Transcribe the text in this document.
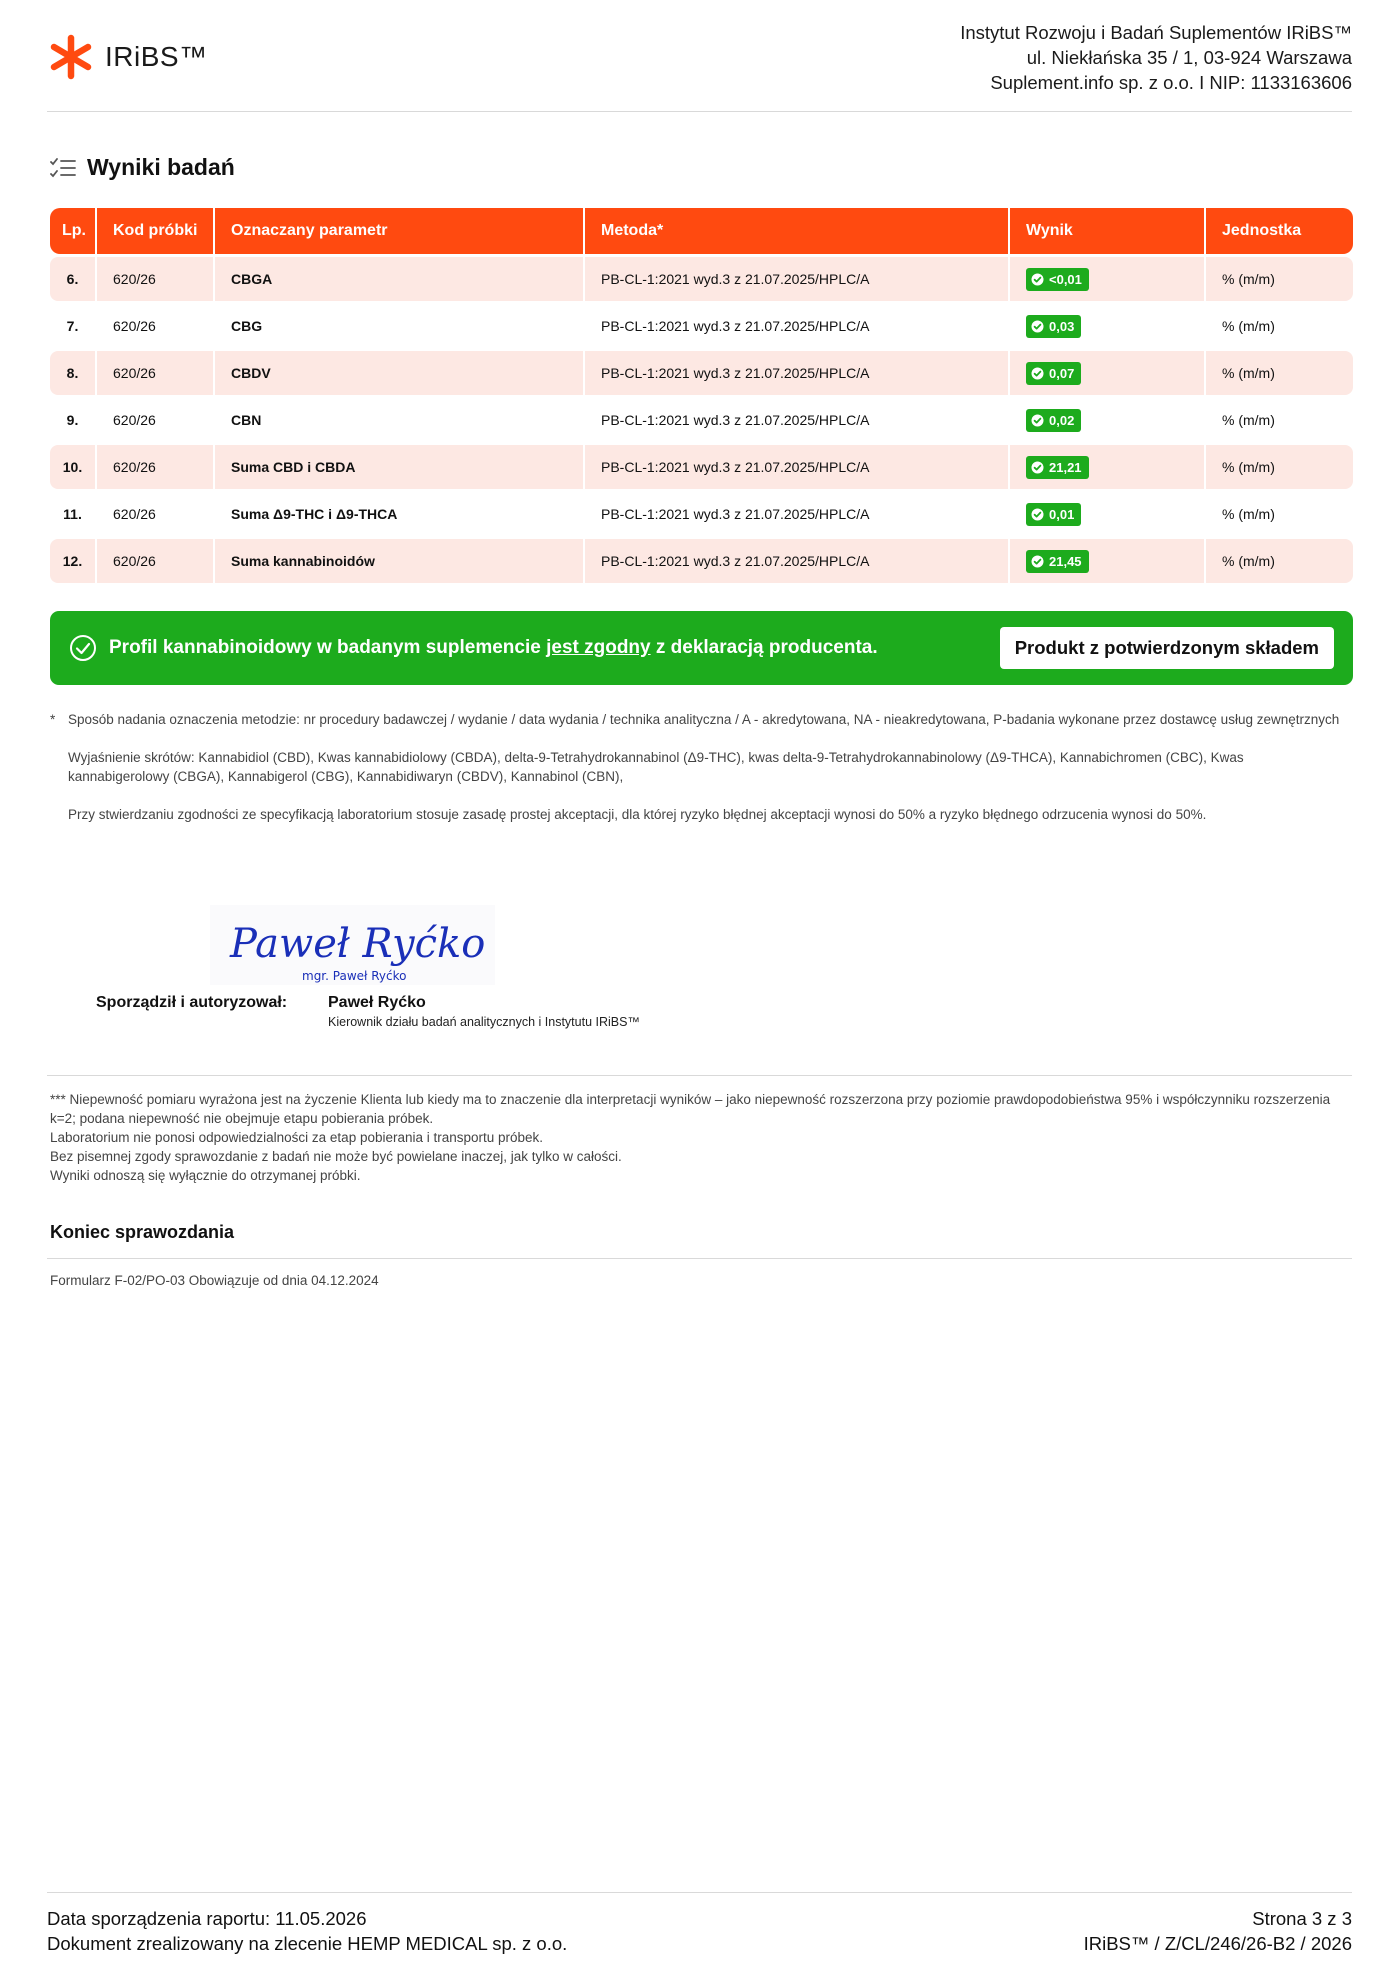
IRiBS™
Instytut Rozwoju i Badań Suplementów IRiBS™
ul. Niekłańska 35 / 1, 03-924 Warszawa
Suplement.info sp. z o.o. I NIP: 1133163606
Wyniki badań
Lp.	Kod próbki	Oznaczany parametr	Metoda*	Wynik	Jednostka
6.	620/26	CBGA	PB-CL-1:2021 wyd.3 z 21.07.2025/HPLC/A	<0,01	% (m/m)
7.	620/26	CBG	PB-CL-1:2021 wyd.3 z 21.07.2025/HPLC/A	0,03	% (m/m)
8.	620/26	CBDV	PB-CL-1:2021 wyd.3 z 21.07.2025/HPLC/A	0,07	% (m/m)
9.	620/26	CBN	PB-CL-1:2021 wyd.3 z 21.07.2025/HPLC/A	0,02	% (m/m)
10.	620/26	Suma CBD i CBDA	PB-CL-1:2021 wyd.3 z 21.07.2025/HPLC/A	21,21	% (m/m)
11.	620/26	Suma Δ9-THC i Δ9-THCA	PB-CL-1:2021 wyd.3 z 21.07.2025/HPLC/A	0,01	% (m/m)
12.	620/26	Suma kannabinoidów	PB-CL-1:2021 wyd.3 z 21.07.2025/HPLC/A	21,45	% (m/m)
Profil kannabinoidowy w badanym suplemencie jest zgodny z deklaracją producenta.	Produkt z potwierdzonym składem
* Sposób nadania oznaczenia metodzie: nr procedury badawczej / wydanie / data wydania / technika analityczna / A - akredytowana, NA - nieakredytowana, P-badania wykonane przez dostawcę usług zewnętrznych

Wyjaśnienie skrótów: Kannabidiol (CBD), Kwas kannabidiolowy (CBDA), delta-9-Tetrahydrokannabinol (Δ9-THC), kwas delta-9-Tetrahydrokannabinolowy (Δ9-THCA), Kannabichromen (CBC), Kwas kannabigerolowy (CBGA), Kannabigerol (CBG), Kannabidiwaryn (CBDV), Kannabinol (CBN),

Przy stwierdzaniu zgodności ze specyfikacją laboratorium stosuje zasadę prostej akceptacji, dla której ryzyko błędnej akceptacji wynosi do 50% a ryzyko błędnego odrzucenia wynosi do 50%.

Paweł Ryćko
mgr. Paweł Ryćko
Sporządził i autoryzował:	Paweł Ryćko
Kierownik działu badań analitycznych i Instytutu IRiBS™
*** Niepewność pomiaru wyrażona jest na życzenie Klienta lub kiedy ma to znaczenie dla interpretacji wyników – jako niepewność rozszerzona przy poziomie prawdopodobieństwa 95% i współczynniku rozszerzenia k=2; podana niepewność nie obejmuje etapu pobierania próbek.
Laboratorium nie ponosi odpowiedzialności za etap pobierania i transportu próbek.
Bez pisemnej zgody sprawozdanie z badań nie może być powielane inaczej, jak tylko w całości.
Wyniki odnoszą się wyłącznie do otrzymanej próbki.
Koniec sprawozdania
Formularz F-02/PO-03 Obowiązuje od dnia 04.12.2024
Data sporządzenia raportu: 11.05.2026
Dokument zrealizowany na zlecenie HEMP MEDICAL sp. z o.o.
Strona 3 z 3
IRiBS™ / Z/CL/246/26-B2 / 2026
